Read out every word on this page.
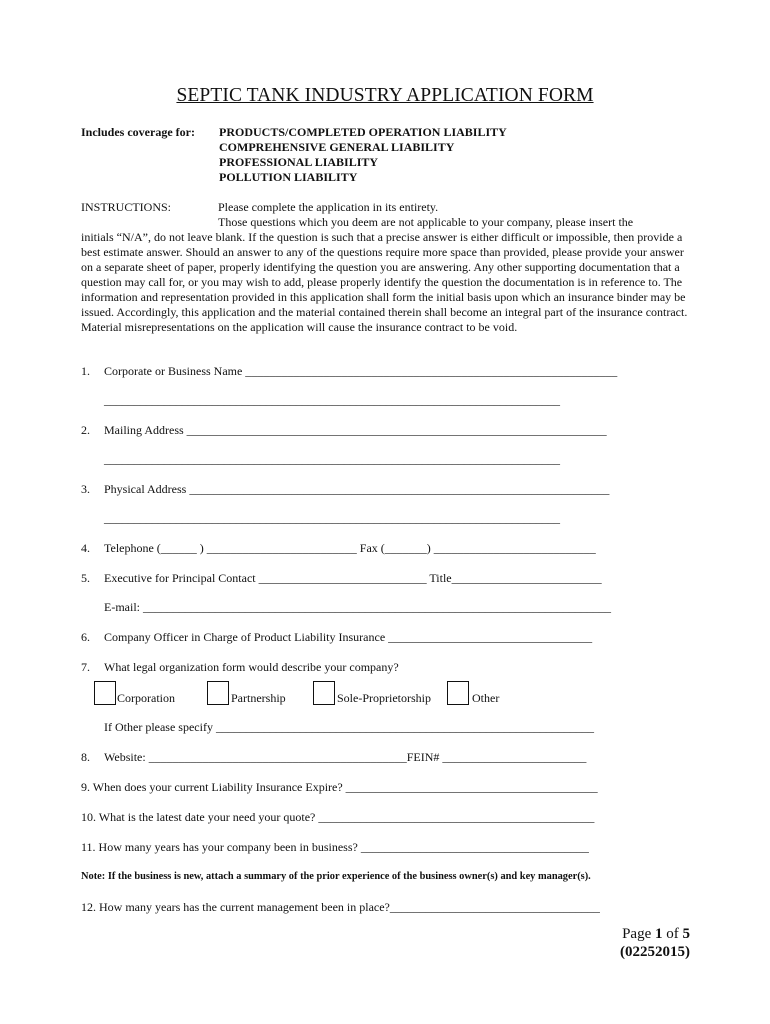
SEPTIC TANK INDUSTRY APPLICATION FORM
Includes coverage for: PRODUCTS/COMPLETED OPERATION LIABILITY
COMPREHENSIVE GENERAL LIABILITY
PROFESSIONAL LIABILITY
POLLUTION LIABILITY
INSTRUCTIONS:	Please complete the application in its entirety.
Those questions which you deem are not applicable to your company, please insert the
initials “N/A”, do not leave blank. If the question is such that a precise answer is either difficult or impossible, then provide a best estimate answer. Should an answer to any of the questions require more space than provided, please provide your answer on a separate sheet of paper, properly identifying the question you are answering. Any other supporting documentation that a question may call for, or you may wish to add, please properly identify the question the documentation is in reference to. The information and representation provided in this application shall form the initial basis upon which an insurance binder may be issued. Accordingly, this application and the material contained therein shall become an integral part of the insurance contract. Material misrepresentations on the application will cause the insurance contract to be void.
1. Corporate or Business Name ______________________________________________________________
____________________________________________________________________________
2. Mailing Address ______________________________________________________________________
____________________________________________________________________________
3. Physical Address ______________________________________________________________________
____________________________________________________________________________
4. Telephone (______ ) _________________________ Fax (_______) ___________________________
5. Executive for Principal Contact ____________________________ Title_________________________
E-mail: ______________________________________________________________________________
6. Company Officer in Charge of Product Liability Insurance __________________________________
7. What legal organization form would describe your company?
Corporation	Partnership	Sole-Proprietorship	Other
If Other please specify _______________________________________________________________
8. Website: ___________________________________________FEIN# ________________________
9. When does your current Liability Insurance Expire? __________________________________________
10. What is the latest date your need your quote? ______________________________________________
11. How many years has your company been in business? ______________________________________
Note: If the business is new, attach a summary of the prior experience of the business owner(s) and key manager(s).
12. How many years has the current management been in place?___________________________________
Page 1 of 5
(02252015)
